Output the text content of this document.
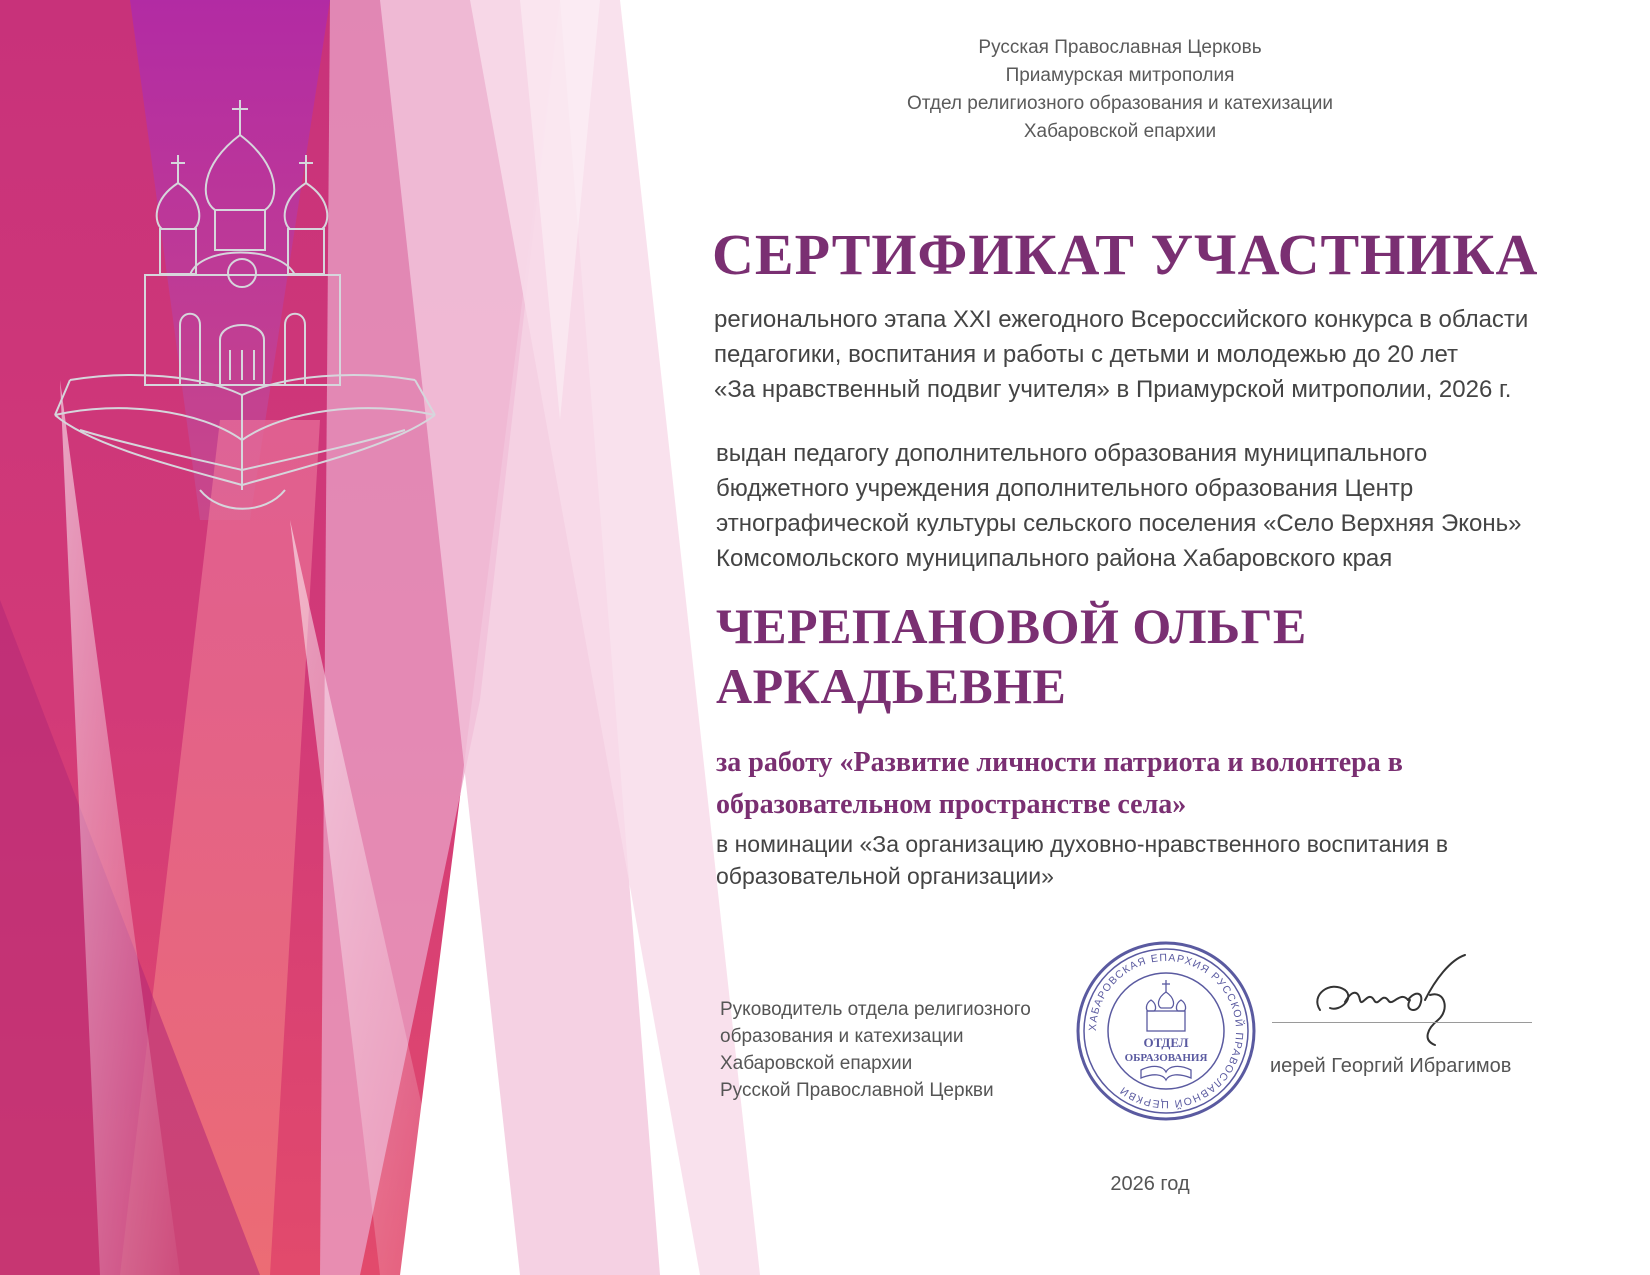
Русская Православная Церковь
Приамурская митрополия
Отдел религиозного образования и катехизации
Хабаровской епархии
СЕРТИФИКАТ УЧАСТНИКА
регионального этапа XXI ежегодного Всероссийского конкурса в области
педагогики, воспитания и работы с детьми и молодежью до 20 лет
«За нравственный подвиг учителя» в Приамурской митрополии, 2026 г.
выдан педагогу дополнительного образования муниципального
бюджетного учреждения дополнительного образования Центр
этнографической культуры сельского поселения «Село Верхняя Эконь»
Комсомольского муниципального района Хабаровского края
ЧЕРЕПАНОВОЙ ОЛЬГЕ
АРКАДЬЕВНЕ
за работу «Развитие личности патриота и волонтера в
образовательном пространстве села»
в номинации «За организацию духовно-нравственного воспитания в
образовательной организации»
Руководитель отдела религиозного
образования и катехизации
Хабаровской епархии
Русской Православной Церкви
ХАБАРОВСКАЯ ЕПАРХИЯ РУССКОЙ ПРАВОСЛАВНОЙ ЦЕРКВИ
ОТДЕЛ
ОБРАЗОВАНИЯ	иерей Георгий Ибрагимов
2026 год
